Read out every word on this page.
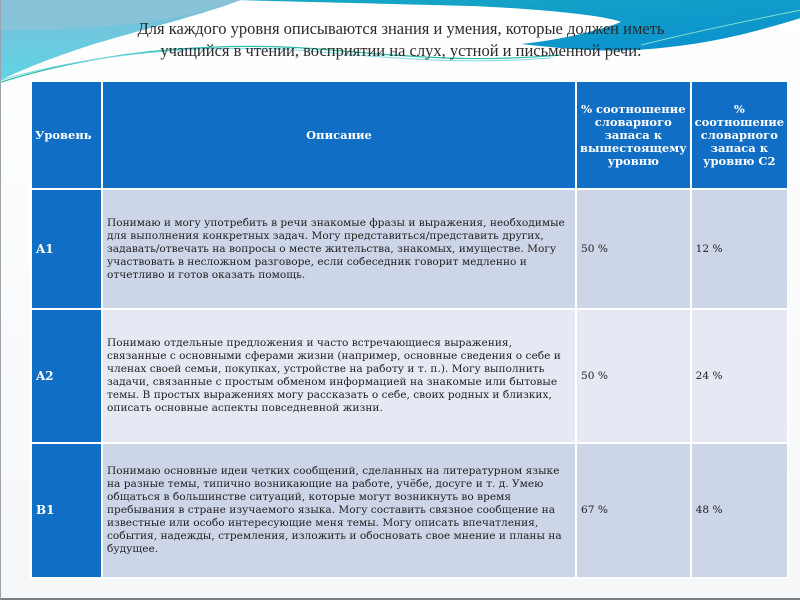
Для каждого уровня описываются знания и умения, которые должен иметь
учащийся в чтении, восприятии на слух, устной и письменной речи:
Уровень	Описание	% соотношение словарного запаса к вышестоящему уровню	% соотношение словарного запаса к уровню C2
A1	Понимаю и могу употребить в речи знакомые фразы и выражения, необходимые для выполнения конкретных задач. Могу представиться/представить других, задавать/отвечать на вопросы о месте жительства, знакомых, имуществе. Могу участвовать в несложном разговоре, если собеседник говорит медленно и отчетливо и готов оказать помощь.	50 %	12 %
A2	Понимаю отдельные предложения и часто встречающиеся выражения, связанные с основными сферами жизни (например, основные сведения о себе и членах своей семьи, покупках, устройстве на работу и т. п.). Могу выполнить задачи, связанные с простым обменом информацией на знакомые или бытовые темы. В простых выражениях могу рассказать о себе, своих родных и близких, описать основные аспекты повседневной жизни.	50 %	24 %
B1	Понимаю основные идеи четких сообщений, сделанных на литературном языке на разные темы, типично возникающие на работе, учёбе, досуге и т. д. Умею общаться в большинстве ситуаций, которые могут возникнуть во время пребывания в стране изучаемого языка. Могу составить связное сообщение на известные или особо интересующие меня темы. Могу описать впечатления, события, надежды, стремления, изложить и обосновать свое мнение и планы на будущее.	67 %	48 %
